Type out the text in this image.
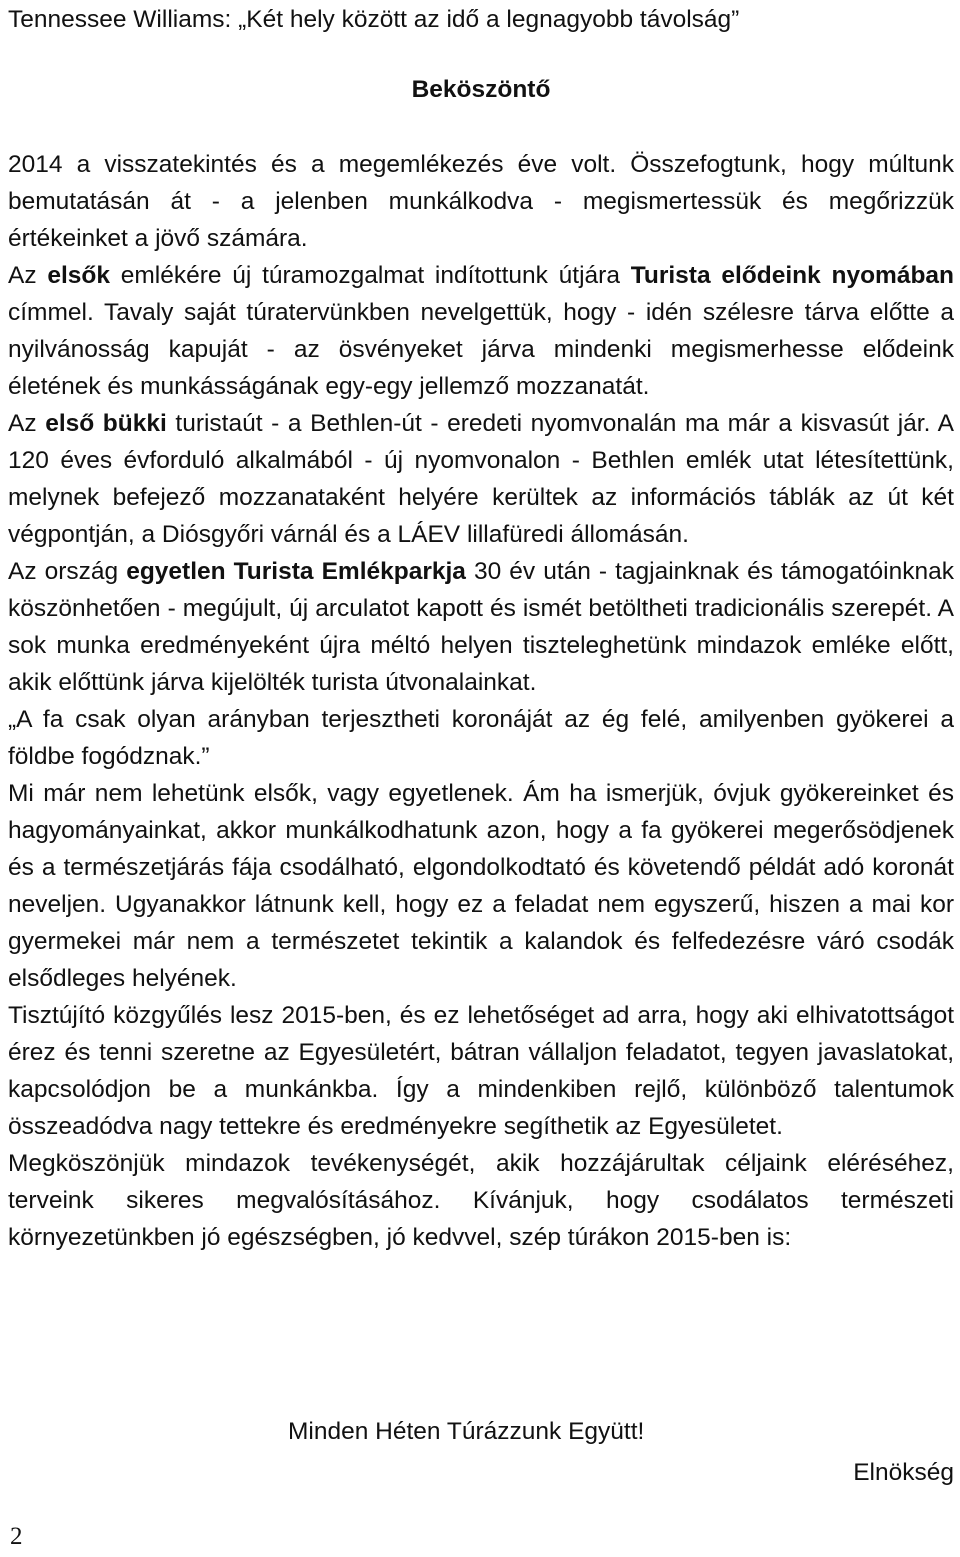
Tennessee Williams: „Két hely között az idő a legnagyobb távolság”
Beköszöntő

2014 a visszatekintés és a megemlékezés éve volt. Összefogtunk, hogy múltunk bemutatásán át - a jelenben munkálkodva - megismertessük és megőrizzük értékeinket a jövő számára.

Az elsők emlékére új túramozgalmat indítottunk útjára Turista elődeink nyomában címmel. Tavaly saját túratervünkben nevelgettük, hogy - idén szélesre tárva előtte a nyilvánosság kapuját - az ösvényeket járva mindenki megismerhesse elődeink életének és munkásságának egy-egy jellemző mozzanatát.

Az első bükki turistaút - a Bethlen-út - eredeti nyomvonalán ma már a kisvasút jár. A 120 éves évforduló alkalmából - új nyomvonalon - Bethlen emlék utat létesítettünk, melynek befejező mozzanataként helyére kerültek az információs táblák az út két végpontján, a Diósgyőri várnál és a LÁEV lillafüredi állomásán.

Az ország egyetlen Turista Emlékparkja 30 év után - tagjainknak és támogatóinknak köszönhetően - megújult, új arculatot kapott és ismét betöltheti tradicionális szerepét. A sok munka eredményeként újra méltó helyen tiszteleghetünk mindazok emléke előtt, akik előttünk járva kijelölték turista útvonalainkat.

„A fa csak olyan arányban terjesztheti koronáját az ég felé, amilyenben gyökerei a földbe fogódznak.”

Mi már nem lehetünk elsők, vagy egyetlenek. Ám ha ismerjük, óvjuk gyökereinket és hagyományainkat, akkor munkálkodhatunk azon, hogy a fa gyökerei megerősödjenek és a természetjárás fája csodálható, elgondolkodtató és követendő példát adó koronát neveljen. Ugyanakkor látnunk kell, hogy ez a feladat nem egyszerű, hiszen a mai kor gyermekei már nem a természetet tekintik a kalandok és felfedezésre váró csodák elsődleges helyének.

Tisztújító közgyűlés lesz 2015-ben, és ez lehetőséget ad arra, hogy aki elhivatottságot érez és tenni szeretne az Egyesületért, bátran vállaljon feladatot, tegyen javaslatokat, kapcsolódjon be a munkánkba. Így a mindenkiben rejlő, különböző talentumok összeadódva nagy tettekre és eredményekre segíthetik az Egyesületet.

Megköszönjük mindazok tevékenységét, akik hozzájárultak céljaink eléréséhez, terveink sikeres megvalósításához. Kívánjuk, hogy csodálatos természeti környezetünkben jó egészségben, jó kedvvel, szép túrákon 2015-ben is:

Minden Héten Túrázzunk Együtt!
Elnökség
2
